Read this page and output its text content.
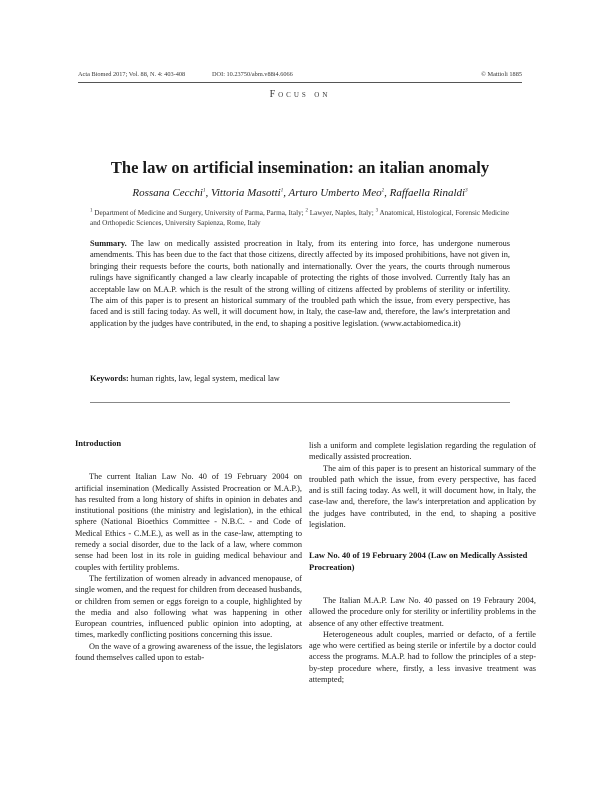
Acta Biomed 2017; Vol. 88, N. 4: 403-408	DOI: 10.23750/abm.v88i4.6066	© Mattioli 1885
Focus on
The law on artificial insemination: an italian anomaly
Rossana Cecchi$^1$, Vittoria Masotti$^1$, Arturo Umberto Meo$^2$, Raffaella Rinaldi$^3$
$^1$ Department of Medicine and Surgery, University of Parma, Parma, Italy; $^2$ Lawyer, Naples, Italy; $^3$ Anatomical, Histological, Forensic Medicine and Orthopedic Sciences, University Sapienza, Rome, Italy
Summary. The law on medically assisted procreation in Italy, from its entering into force, has undergone numerous amendments. This has been due to the fact that those citizens, directly affected by its imposed prohibitions, have not given in, bringing their requests before the courts, both nationally and internationally. Over the years, the courts through numerous rulings have significantly changed a law clearly incapable of protecting the rights of those involved. Currently Italy has an acceptable law on M.A.P. which is the result of the strong willing of citizens affected by problems of sterility or infertility. The aim of this paper is to present an historical summary of the troubled path which the issue, from every perspective, has faced and is still facing today. As well, it will document how, in Italy, the case-law and, therefore, the law's interpretation and application by the judges have contributed, in the end, to shaping a positive legislation. (www.actabiomedica.it)
Keywords: human rights, law, legal system, medical law
Introduction

The current Italian Law No. 40 of 19 February 2004 on artificial insemination (Medically Assisted Procreation or M.A.P.), has resulted from a long history of shifts in opinion in debates and institutional positions (the ministry and legislation), in the ethical sphere (National Bioethics Committee - N.B.C. - and Code of Medical Ethics - C.M.E.), as well as in the case-law, attempting to remedy a social disorder, due to the lack of a law, where common sense had been lost in its role in guiding medical behaviour and couples with fertility problems.

The fertilization of women already in advanced menopause, of single women, and the request for children from deceased husbands, or children from semen or eggs foreign to a couple, highlighted by the media and also following what was happening in other European countries, influenced public opinion into adopting, at times, markedly conflicting positions concerning this issue.

On the wave of a growing awareness of the issue, the legislators found themselves called upon to estab-

lish a uniform and complete legislation regarding the regulation of medically assisted procreation.

The aim of this paper is to present an historical summary of the troubled path which the issue, from every perspective, has faced and is still facing today. As well, it will document how, in Italy, the case-law and, therefore, the law's interpretation and application by the judges have contributed, in the end, to shaping a positive legislation.

Law No. 40 of 19 February 2004 (Law on Medically Assisted Procreation)

The Italian M.A.P. Law No. 40 passed on 19 Febraury 2004, allowed the procedure only for sterility or infertility problems in the absence of any other effective treatment.

Heterogeneous adult couples, married or defacto, of a fertile age who were certified as being sterile or infertile by a doctor could access the programs. M.A.P. had to follow the principles of a step-by-step procedure where, firstly, a less invasive treatment was attempted;
